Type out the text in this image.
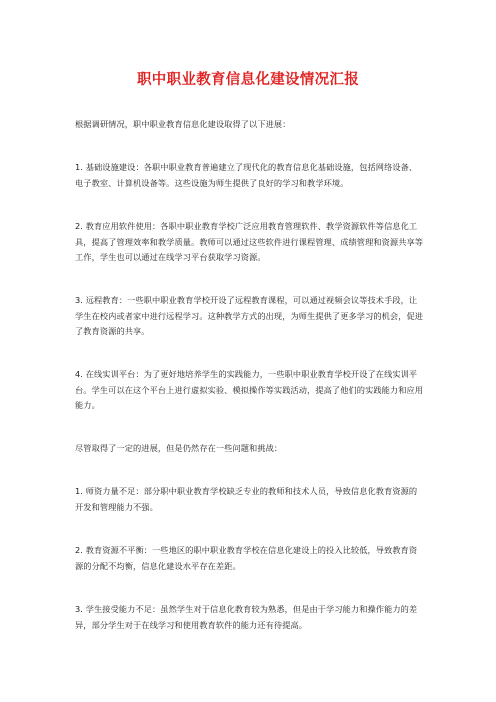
职中职业教育信息化建设情况汇报

根据调研情况，职中职业教育信息化建设取得了以下进展：

1. 基础设施建设：各职中职业教育普遍建立了现代化的教育信息化基础设施，包括网络设备、电子教室、计算机设备等。这些设施为师生提供了良好的学习和教学环境。

2. 教育应用软件使用：各职中职业教育学校广泛应用教育管理软件、教学资源软件等信息化工具，提高了管理效率和教学质量。教师可以通过这些软件进行课程管理、成绩管理和资源共享等工作，学生也可以通过在线学习平台获取学习资源。

3. 远程教育：一些职中职业教育学校开设了远程教育课程，可以通过视频会议等技术手段，让学生在校内或者家中进行远程学习。这种教学方式的出现，为师生提供了更多学习的机会，促进了教育资源的共享。

4. 在线实训平台：为了更好地培养学生的实践能力，一些职中职业教育学校开设了在线实训平台。学生可以在这个平台上进行虚拟实验、模拟操作等实践活动，提高了他们的实践能力和应用能力。

尽管取得了一定的进展，但是仍然存在一些问题和挑战：

1. 师资力量不足：部分职中职业教育学校缺乏专业的教师和技术人员，导致信息化教育资源的开发和管理能力不强。

2. 教育资源不平衡：一些地区的职中职业教育学校在信息化建设上的投入比较低，导致教育资源的分配不均衡，信息化建设水平存在差距。

3. 学生接受能力不足：虽然学生对于信息化教育较为熟悉，但是由于学习能力和操作能力的差异，部分学生对于在线学习和使用教育软件的能力还有待提高。
